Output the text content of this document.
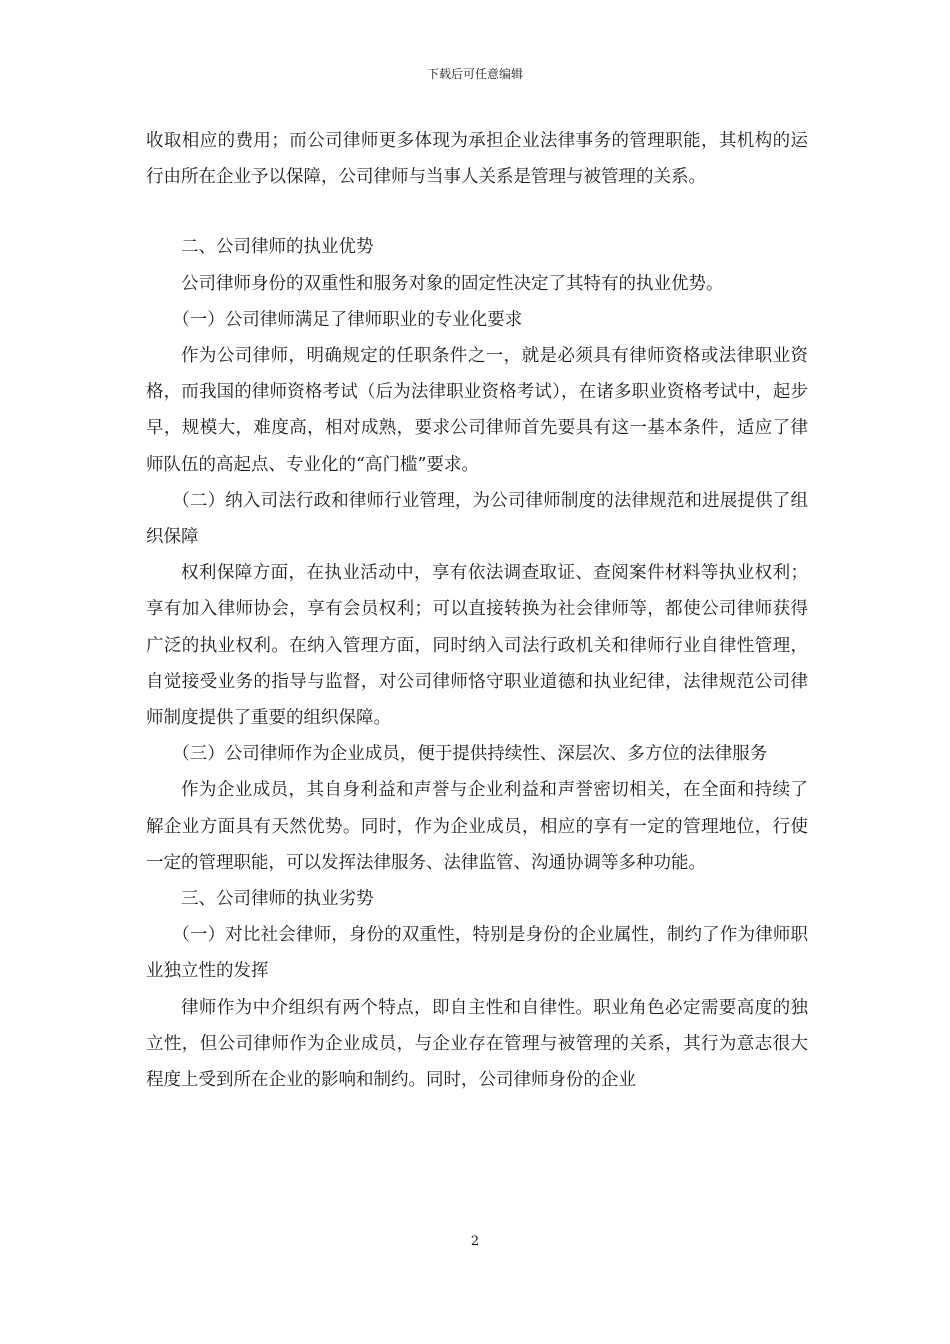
下载后可任意编辑

收取相应的费用；而公司律师更多体现为承担企业法律事务的管理职能，其机构的运行由所在企业予以保障，公司律师与当事人关系是管理与被管理的关系。

二、公司律师的执业优势

公司律师身份的双重性和服务对象的固定性决定了其特有的执业优势。

（一）公司律师满足了律师职业的专业化要求

作为公司律师，明确规定的任职条件之一，就是必须具有律师资格或法律职业资格，而我国的律师资格考试（后为法律职业资格考试），在诸多职业资格考试中，起步早，规模大，难度高，相对成熟，要求公司律师首先要具有这一基本条件，适应了律师队伍的高起点、专业化的“高门槛”要求。

（二）纳入司法行政和律师行业管理，为公司律师制度的法律规范和进展提供了组织保障

权利保障方面，在执业活动中，享有依法调查取证、查阅案件材料等执业权利；享有加入律师协会，享有会员权利；可以直接转换为社会律师等，都使公司律师获得广泛的执业权利。在纳入管理方面，同时纳入司法行政机关和律师行业自律性管理，自觉接受业务的指导与监督，对公司律师恪守职业道德和执业纪律，法律规范公司律师制度提供了重要的组织保障。

（三）公司律师作为企业成员，便于提供持续性、深层次、多方位的法律服务

作为企业成员，其自身利益和声誉与企业利益和声誉密切相关，在全面和持续了解企业方面具有天然优势。同时，作为企业成员，相应的享有一定的管理地位，行使一定的管理职能，可以发挥法律服务、法律监管、沟通协调等多种功能。

三、公司律师的执业劣势

（一）对比社会律师，身份的双重性，特别是身份的企业属性，制约了作为律师职业独立性的发挥

律师作为中介组织有两个特点，即自主性和自律性。职业角色必定需要高度的独立性，但公司律师作为企业成员，与企业存在管理与被管理的关系，其行为意志很大程度上受到所在企业的影响和制约。同时，公司律师身份的企业

2
